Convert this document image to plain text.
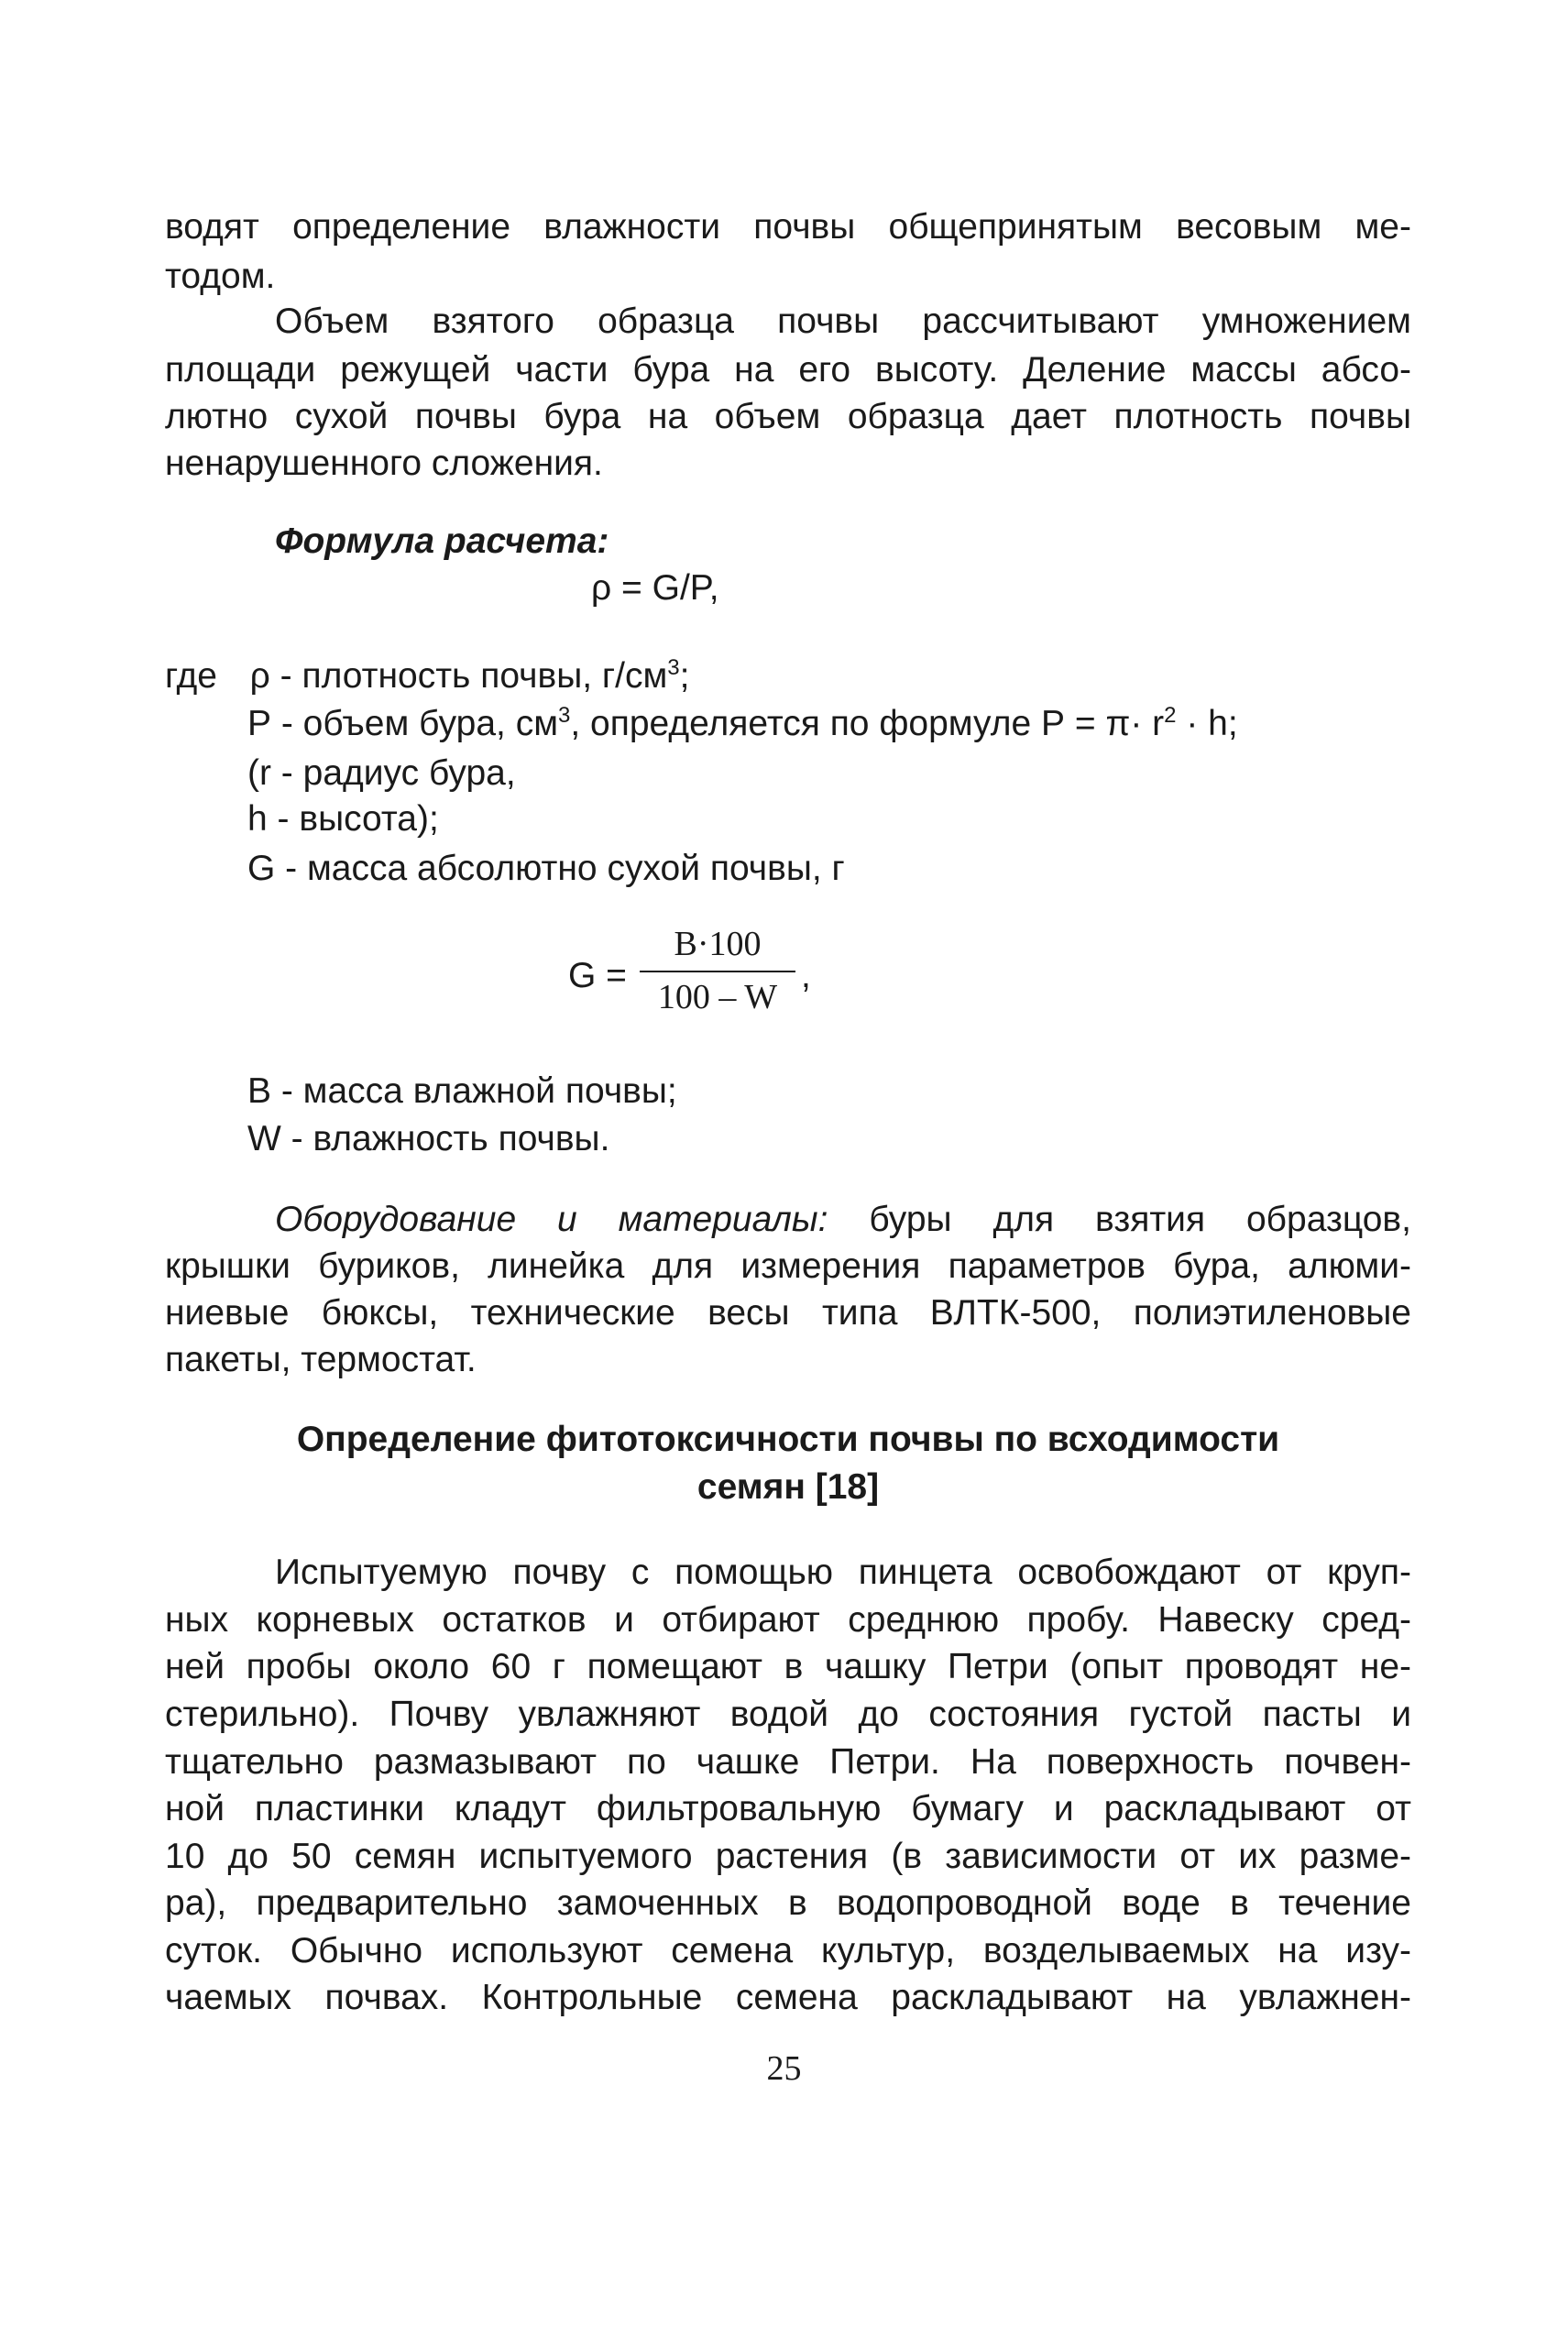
водят определение влажности почвы общепринятым весовым ме-
тодом.
Объем взятого образца почвы рассчитывают умножением
площади режущей части бура на его высоту. Деление массы абсо-
лютно сухой почвы бура на объем образца дает плотность почвы
ненарушенного сложения.
Формула расчета:
ρ = G/P,
где ρ - плотность почвы, $г/см^3$;
Р - объем бура, $см^3$, определяется по формуле $Р = \pi\cdot r^2 \cdot h$;
(r - радиус бура,
h - высота);
G - масса абсолютно сухой почвы, г
G =
B·100
100 – W
,
В - масса влажной почвы;
W - влажность почвы.
Оборудование и материалы: буры для взятия образцов,
крышки буриков, линейка для измерения параметров бура, алюми-
ниевые бюксы, технические весы типа ВЛТК-500, полиэтиленовые
пакеты, термостат.
Определение фитотоксичности почвы по всходимости
семян [18]
Испытуемую почву с помощью пинцета освобождают от круп-
ных корневых остатков и отбирают среднюю пробу. Навеску сред-
ней пробы около 60 г помещают в чашку Петри (опыт проводят не-
стерильно). Почву увлажняют водой до состояния густой пасты и
тщательно размазывают по чашке Петри. На поверхность почвен-
ной пластинки кладут фильтровальную бумагу и раскладывают от
10 до 50 семян испытуемого растения (в зависимости от их разме-
ра), предварительно замоченных в водопроводной воде в течение
суток. Обычно используют семена культур, возделываемых на изу-
чаемых почвах. Контрольные семена раскладывают на увлажнен-
25
